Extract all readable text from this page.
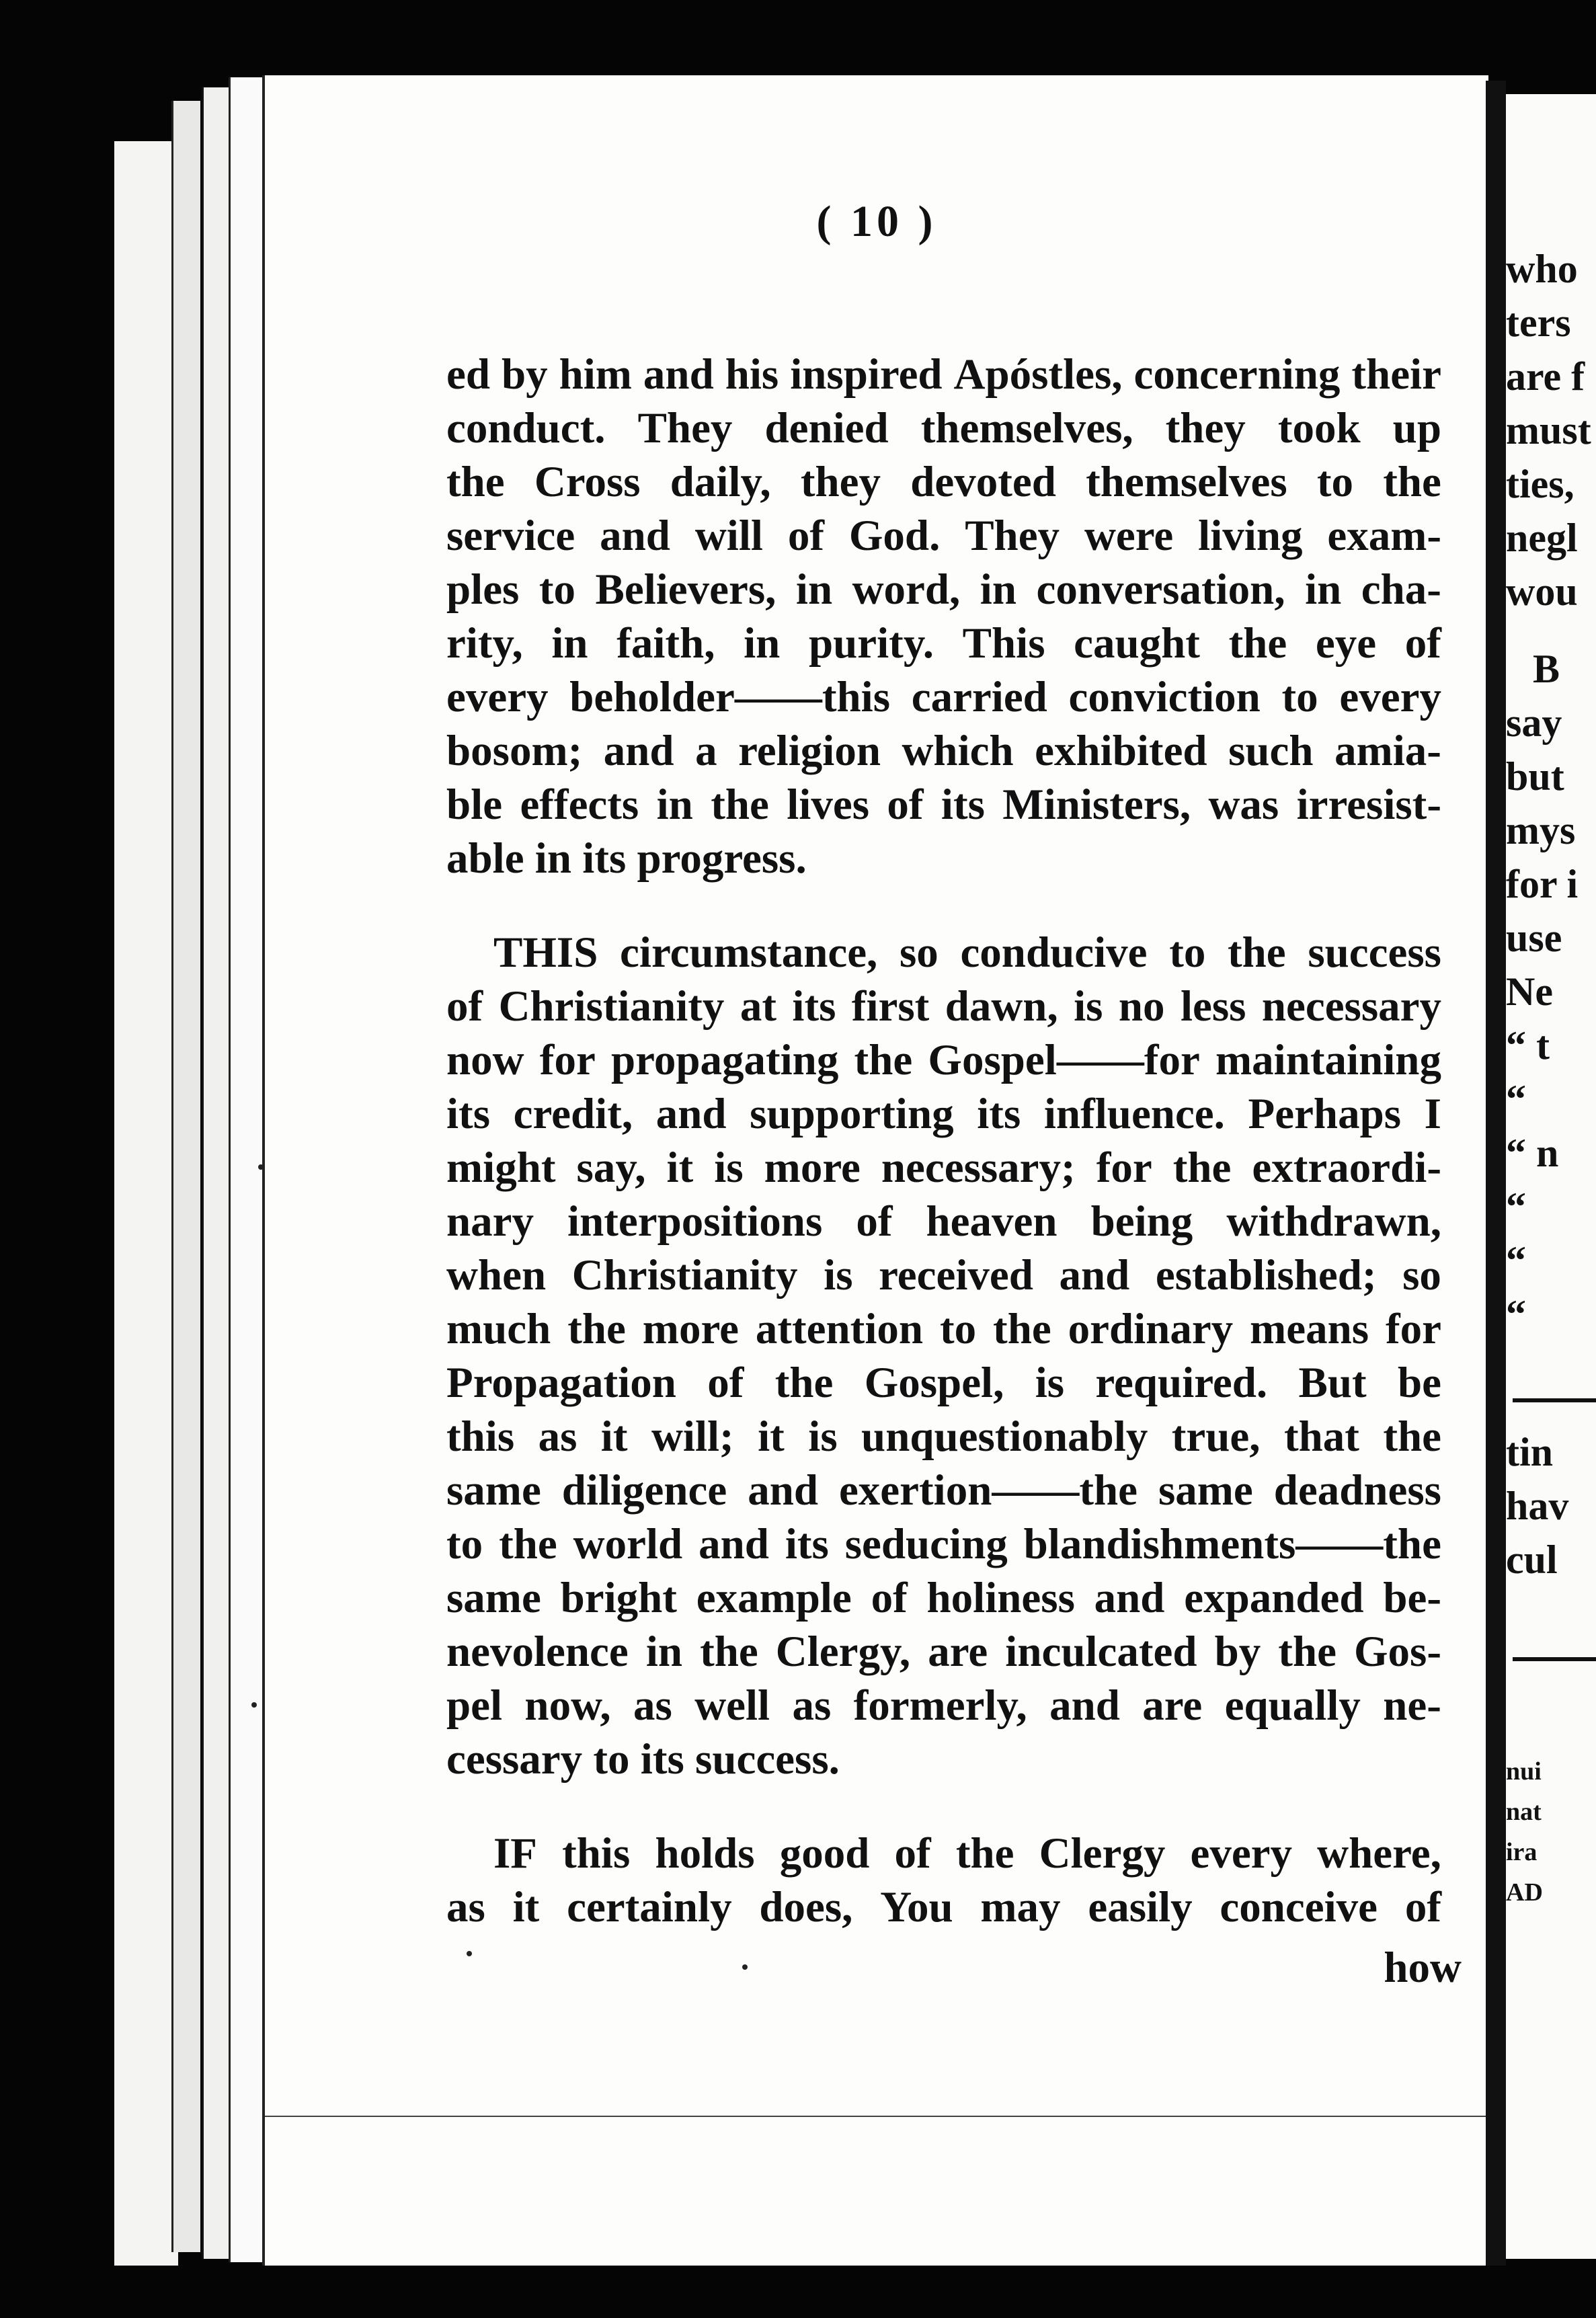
( 10 )
ed by him and his inspired Apóstles, concerning their
conduct. They denied themselves, they took up
the Cross daily, they devoted themselves to the
service and will of God. They were living exam-
ples to Believers, in word, in conversation, in cha-
rity, in faith, in purity. This caught the eye of
every beholder——this carried conviction to every
bosom; and a religion which exhibited such amia-
ble effects in the lives of its Ministers, was irresist-
able in its progress.
THIS circumstance, so conducive to the success
of Christianity at its first dawn, is no less necessary
now for propagating the Gospel——for maintaining
its credit, and supporting its influence. Perhaps I
might say, it is more necessary; for the extraordi-
nary interpositions of heaven being withdrawn,
when Christianity is received and established; so
much the more attention to the ordinary means for
Propagation of the Gospel, is required. But be
this as it will; it is unquestionably true, that the
same diligence and exertion——the same deadness
to the world and its seducing blandishments——the
same bright example of holiness and expanded be-
nevolence in the Clergy, are inculcated by the Gos-
pel now, as well as formerly, and are equally ne-
cessary to its success.
IF this holds good of the Clergy every where,
as it certainly does, You may easily conceive of
how
who
ters
are f
must
ties,
negl
wou
B
say
but
mys
for i
use
Ne
“ t
“
“ n
“
“
“
tin
hav
cul
nui
nat
ira
AD
